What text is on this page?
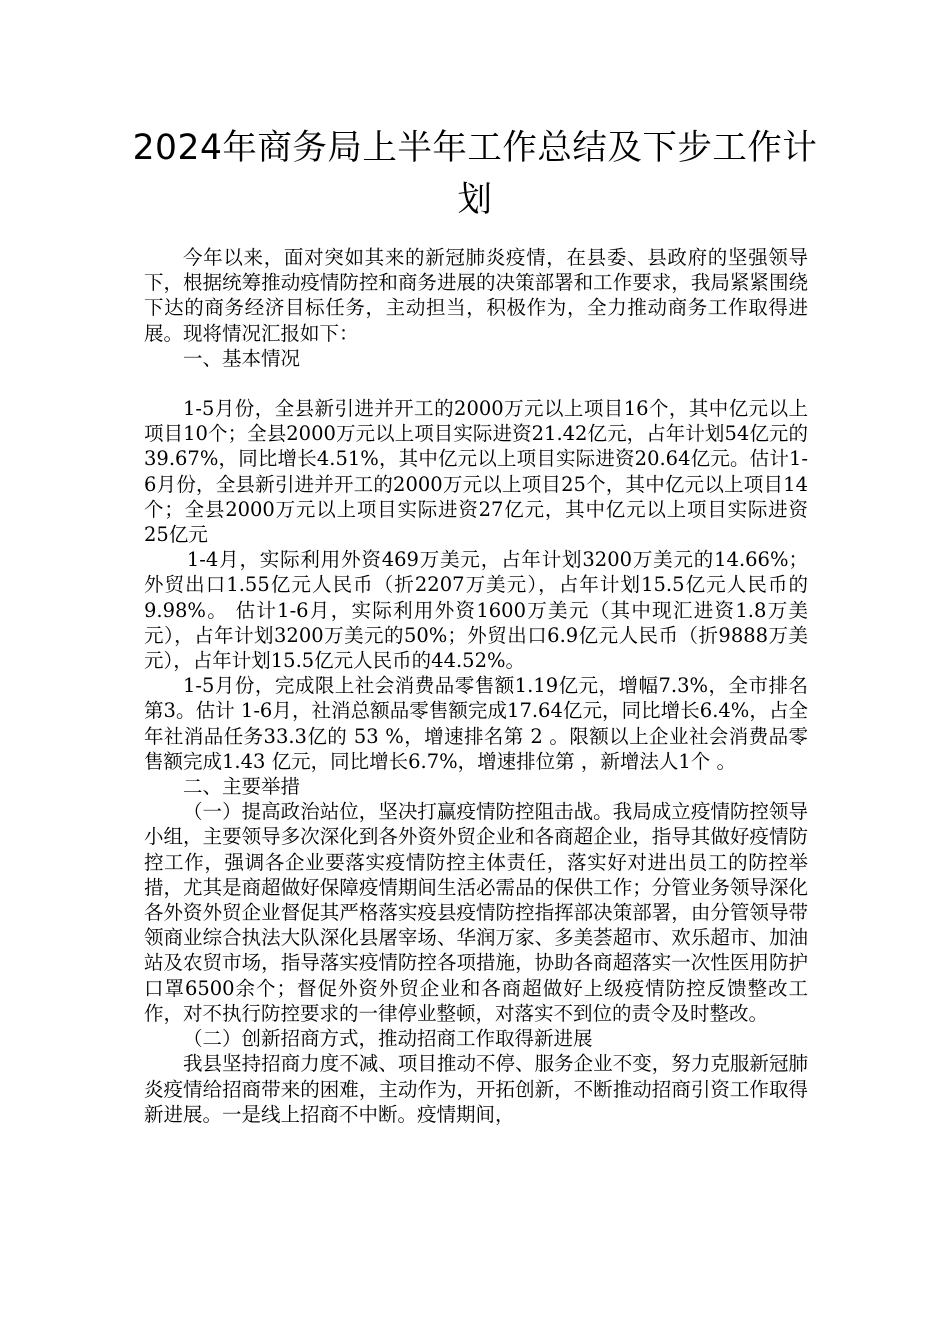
2024年商务局上半年工作总结及下步工作计划

今年以来，面对突如其来的新冠肺炎疫情，在县委、县政府的坚强领导下，根据统筹推动疫情防控和商务进展的决策部署和工作要求，我局紧紧围绕下达的商务经济目标任务，主动担当，积极作为，全力推动商务工作取得进展。现将情况汇报如下：

一、基本情况

1-5月份，全县新引进并开工的2000万元以上项目16个，其中亿元以上项目10个；全县2000万元以上项目实际进资21.42亿元，占年计划54亿元的39.67%，同比增长4.51%，其中亿元以上项目实际进资20.64亿元。估计1-6月份，全县新引进并开工的2000万元以上项目25个，其中亿元以上项目14个；全县2000万元以上项目实际进资27亿元，其中亿元以上项目实际进资25亿元

1-4月，实际利用外资469万美元，占年计划3200万美元的14.66%；外贸出口1.55亿元人民币（折2207万美元），占年计划15.5亿元人民币的9.98%。 估计1-6月，实际利用外资1600万美元（其中现汇进资1.8万美元），占年计划3200万美元的50%；外贸出口6.9亿元人民币（折9888万美元），占年计划15.5亿元人民币的44.52%。

1-5月份，完成限上社会消费品零售额1.19亿元，增幅7.3%，全市排名第3。估计 1-6月，社消总额品零售额完成17.64亿元，同比增长6.4%，占全年社消品任务33.3亿的 53 %，增速排名第 2 。限额以上企业社会消费品零售额完成1.43 亿元，同比增长6.7%，增速排位第 ，新增法人1个 。

二、主要举措

（一）提高政治站位，坚决打赢疫情防控阻击战。我局成立疫情防控领导小组，主要领导多次深化到各外资外贸企业和各商超企业，指导其做好疫情防控工作，强调各企业要落实疫情防控主体责任，落实好对进出员工的防控举措，尤其是商超做好保障疫情期间生活必需品的保供工作；分管业务领导深化各外资外贸企业督促其严格落实疫县疫情防控指挥部决策部署，由分管领导带领商业综合执法大队深化县屠宰场、华润万家、多美荟超市、欢乐超市、加油站及农贸市场，指导落实疫情防控各项措施，协助各商超落实一次性医用防护口罩6500余个；督促外资外贸企业和各商超做好上级疫情防控反馈整改工作，对不执行防控要求的一律停业整顿，对落实不到位的责令及时整改。

（二）创新招商方式，推动招商工作取得新进展

我县坚持招商力度不减、项目推动不停、服务企业不变，努力克服新冠肺炎疫情给招商带来的困难，主动作为，开拓创新，不断推动招商引资工作取得新进展。一是线上招商不中断。疫情期间，
